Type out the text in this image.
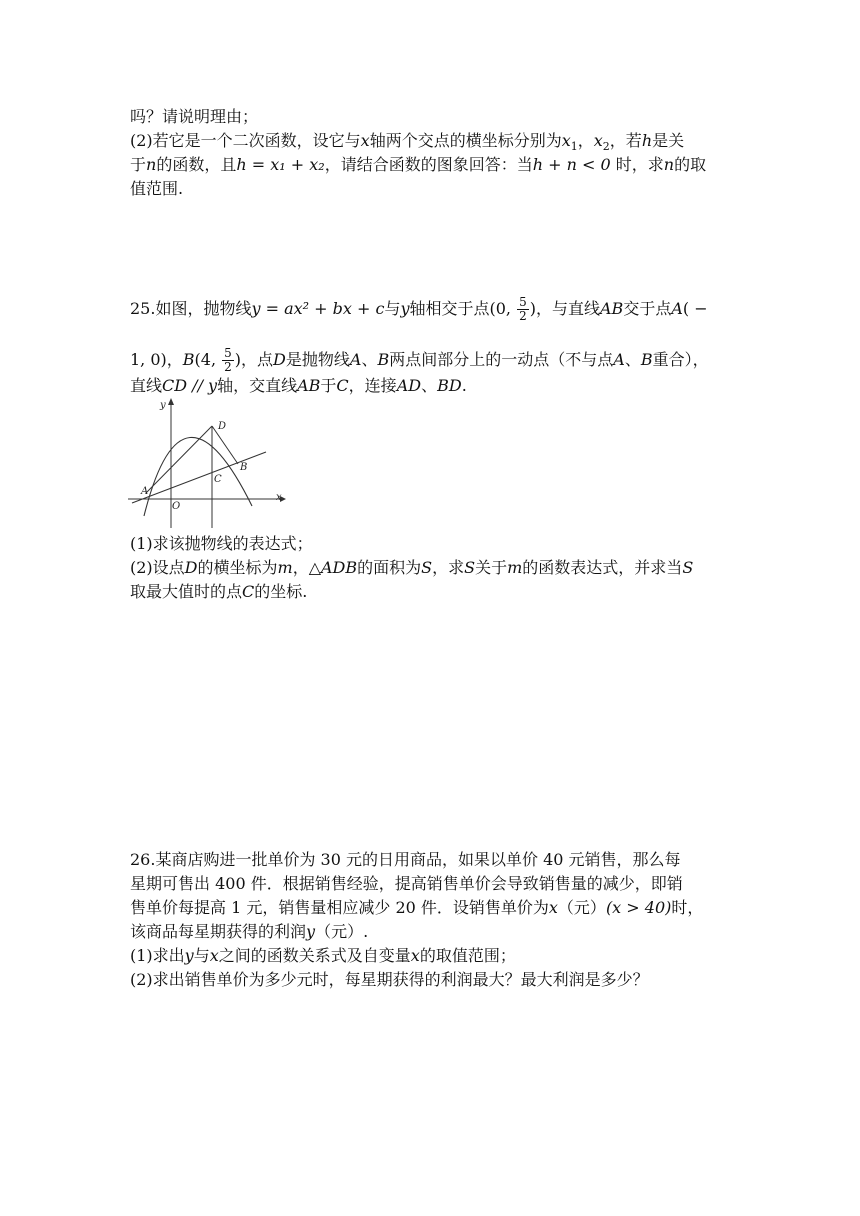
吗？请说明理由；
(2)若它是一个二次函数，设它与x轴两个交点的横坐标分别为$x_1$，$x_2$，若h是关
于n的函数，且h = x₁ + x₂，请结合函数的图象回答：当h + n < 0 时，求n的取
值范围.
25.如图，抛物线y = ax² + bx + c与y轴相交于点(0, $\frac{5}{2}$ )，与直线AB交于点A( −
1, 0)，B(4, $\frac{5}{2}$ )，点D是抛物线A、B两点间部分上的一动点（不与点A、B重合），
直线CD // y轴，交直线AB于C，连接AD、BD.
y
x
D
B
C
A
O
(1)求该抛物线的表达式；
(2)设点D的横坐标为m，△ADB的面积为S，求S关于m的函数表达式，并求当S
取最大值时的点C的坐标.
26.某商店购进一批单价为 30 元的日用商品，如果以单价 40 元销售，那么每
星期可售出 400 件．根据销售经验，提高销售单价会导致销售量的减少，即销
售单价每提高 1 元，销售量相应减少 20 件．设销售单价为x（元）(x > 40)时，
该商品每星期获得的利润y（元）.
(1)求出y与x之间的函数关系式及自变量x的取值范围；
(2)求出销售单价为多少元时，每星期获得的利润最大？最大利润是多少？
